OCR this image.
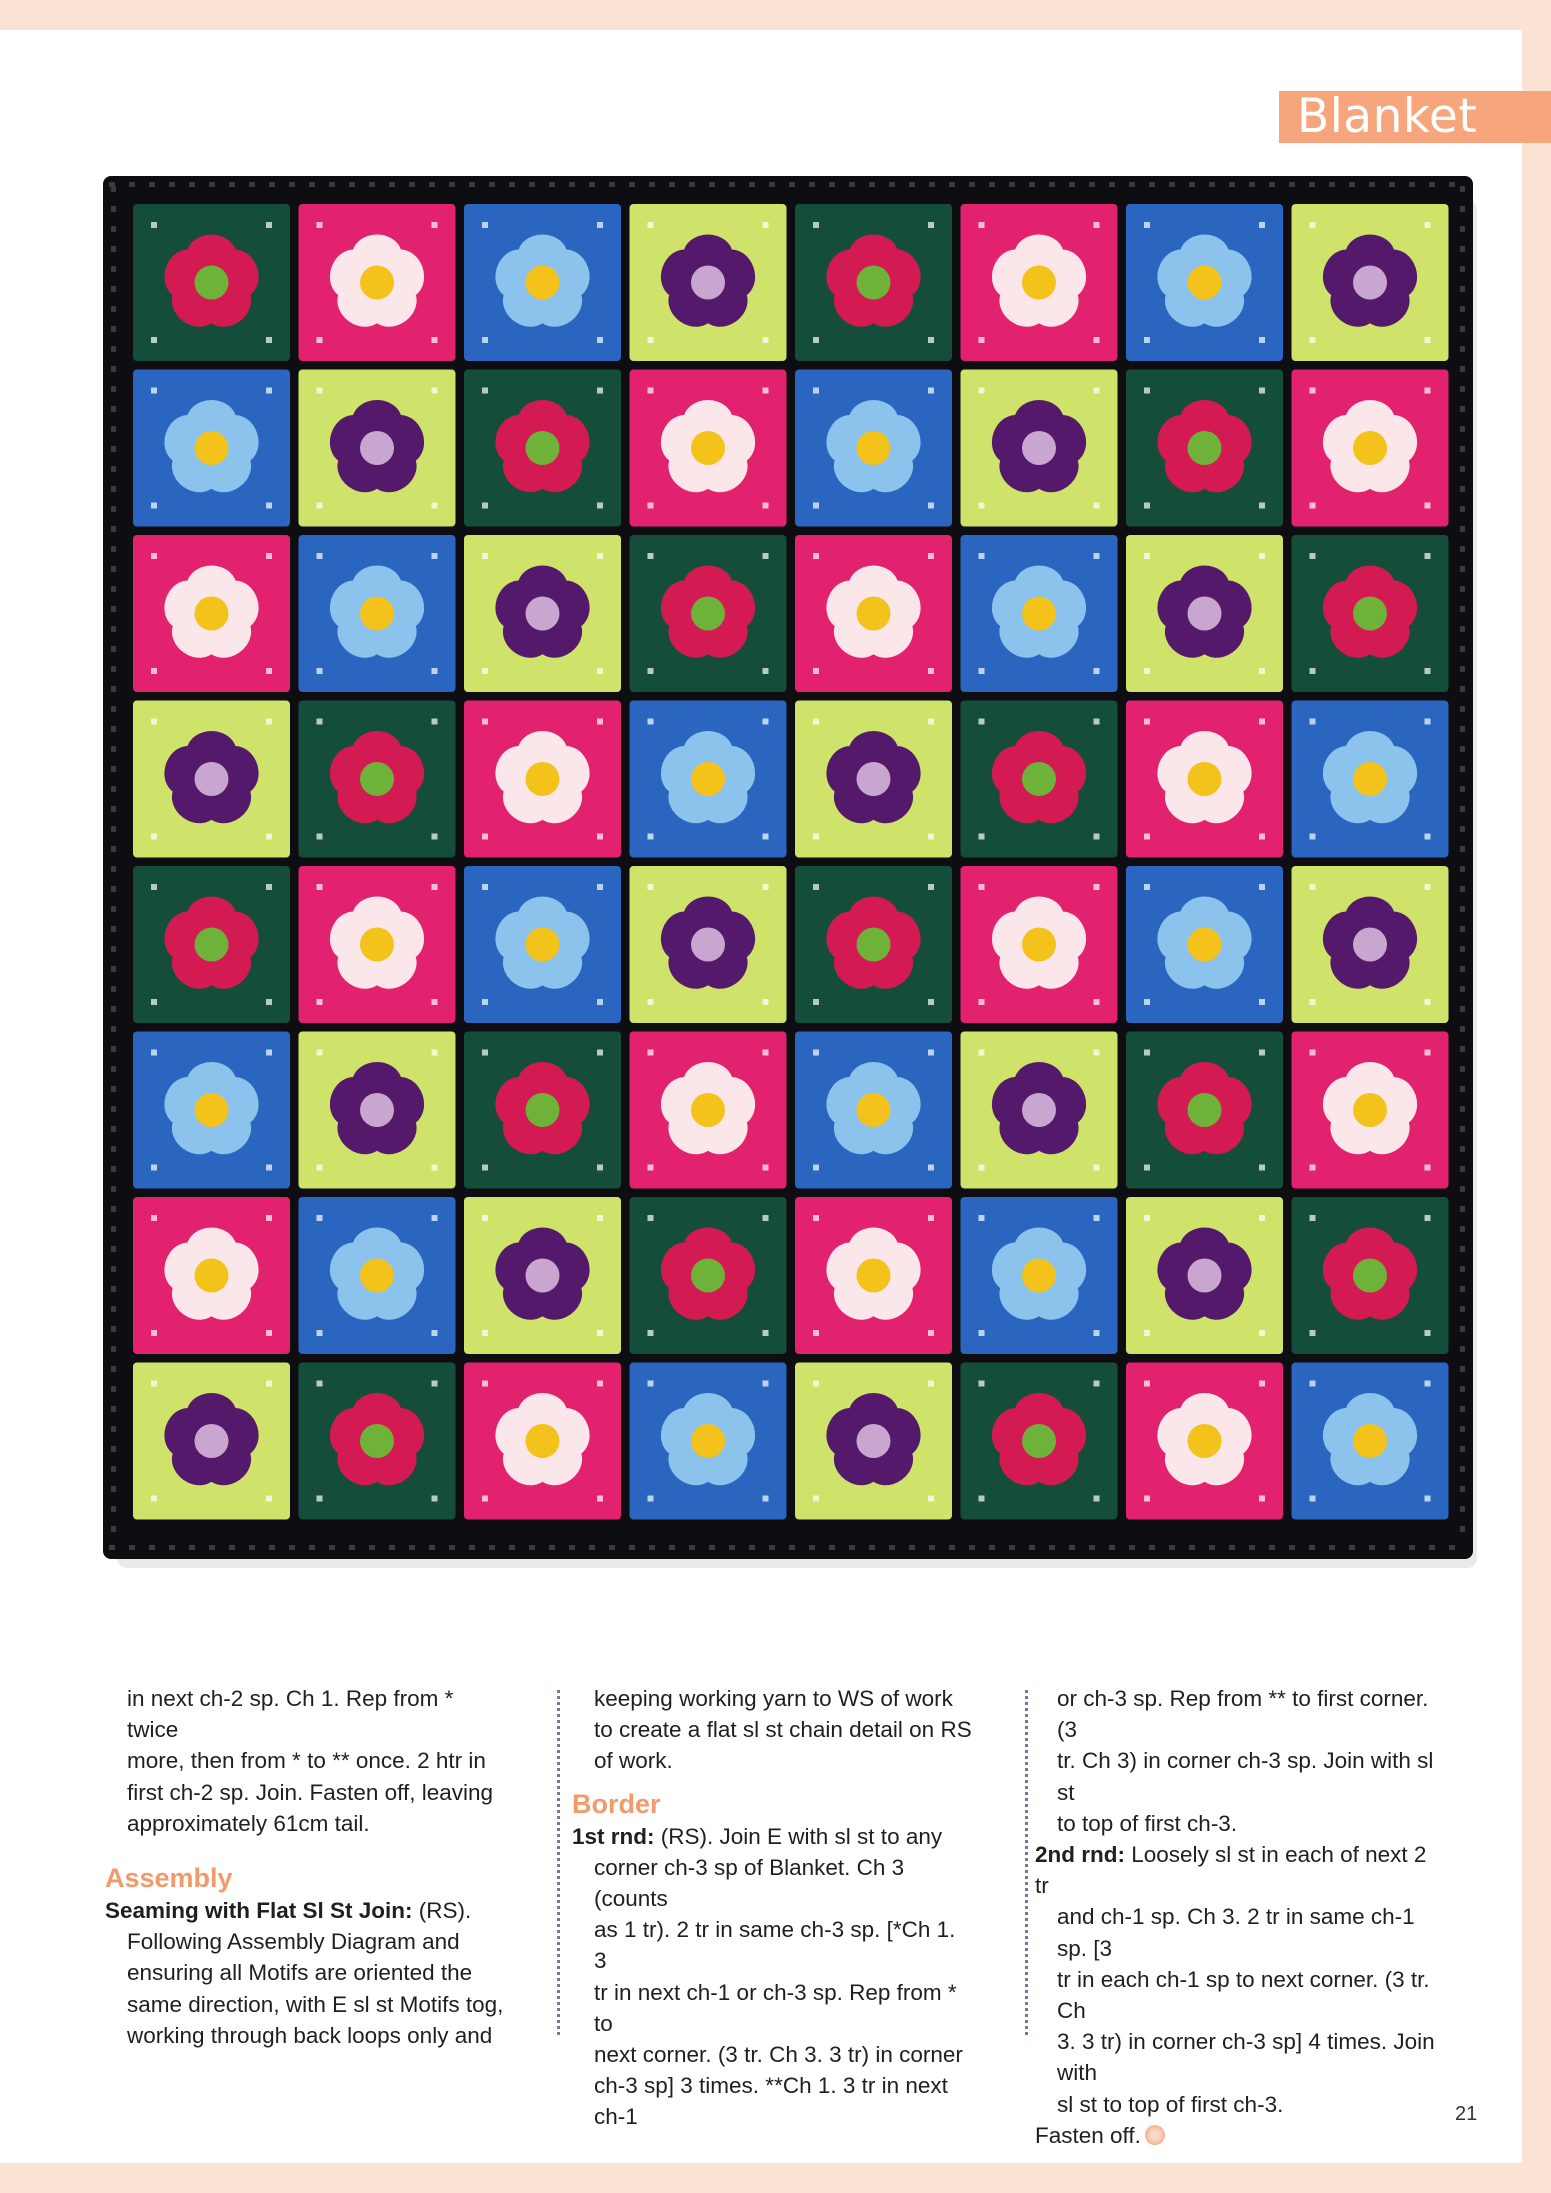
Blanket

in next ch-2 sp. Ch 1. Rep from * twice

more, then from * to ** once. 2 htr in

first ch-2 sp. Join. Fasten off, leaving

approximately 61cm tail.

Assembly

Seaming with Flat Sl St Join: (RS).

Following Assembly Diagram and

ensuring all Motifs are oriented the

same direction, with E sl st Motifs tog,

working through back loops only and

keeping working yarn to WS of work

to create a flat sl st chain detail on RS

of work.

Border

1st rnd: (RS). Join E with sl st to any

corner ch-3 sp of Blanket. Ch 3 (counts

as 1 tr). 2 tr in same ch-3 sp. [*Ch 1. 3

tr in next ch-1 or ch-3 sp. Rep from * to

next corner. (3 tr. Ch 3. 3 tr) in corner

ch-3 sp] 3 times. **Ch 1. 3 tr in next ch-1

or ch-3 sp. Rep from ** to first corner. (3

tr. Ch 3) in corner ch-3 sp. Join with sl st

to top of first ch-3.

2nd rnd: Loosely sl st in each of next 2 tr

and ch-1 sp. Ch 3. 2 tr in same ch-1 sp. [3

tr in each ch-1 sp to next corner. (3 tr. Ch

3. 3 tr) in corner ch-3 sp] 4 times. Join with

sl st to top of first ch-3.

Fasten off.

21
